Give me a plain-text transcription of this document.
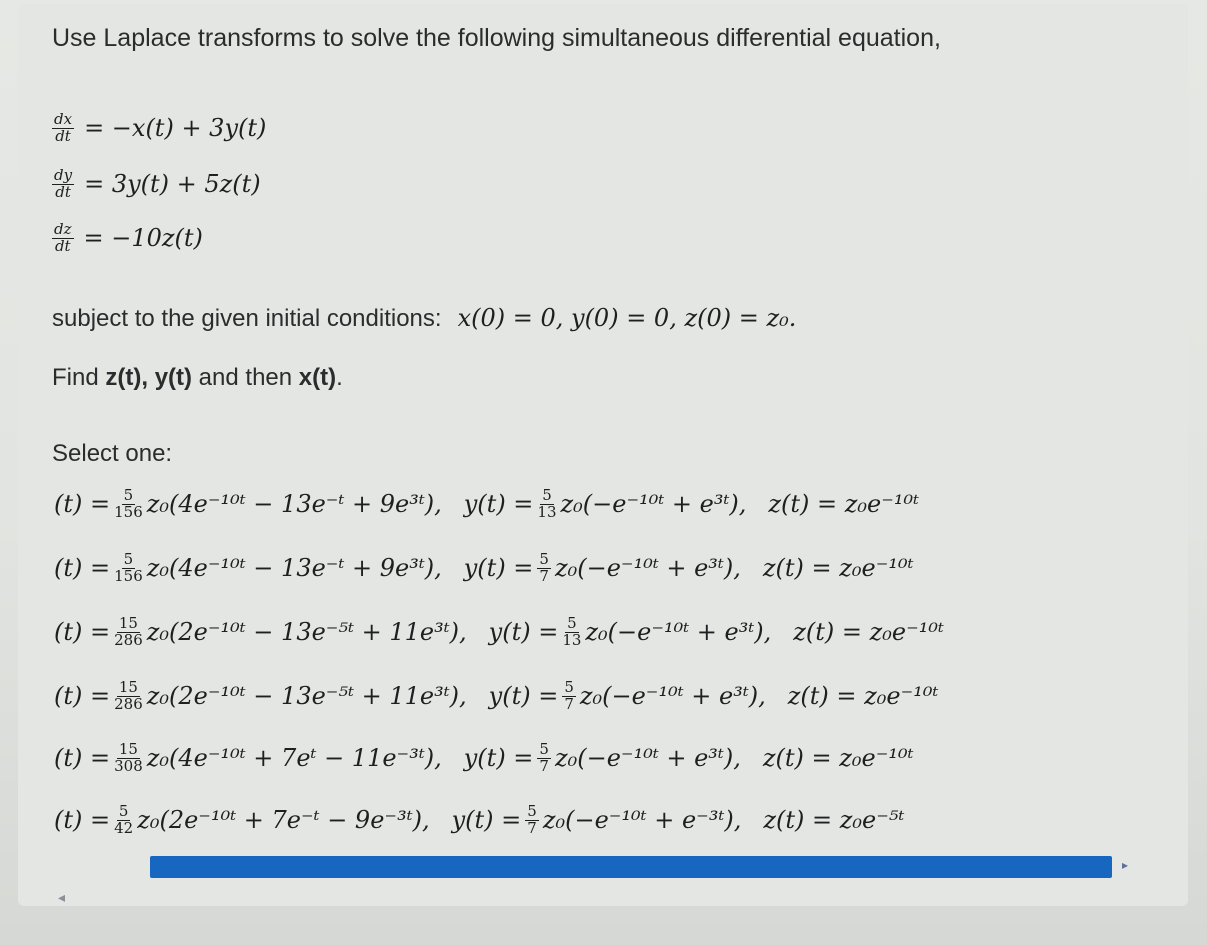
Use Laplace transforms to solve the following simultaneous differential equation,
$\frac{dx}{dt} = -x(t) + 3y(t)$
$\frac{dy}{dt} = 3y(t) + 5z(t)$
$\frac{dz}{dt} = -10z(t)$
subject to the given initial conditions: x(0) = 0, y(0) = 0, z(0) = z₀.
Find z(t), y(t) and then x(t).
Select one:
$(t) = \frac{5}{156}$ z₀(4e⁻¹⁰ᵗ − 13e⁻ᵗ + 9e³ᵗ), $y(t) = \frac{5}{13}$ z₀(−e⁻¹⁰ᵗ + e³ᵗ), z(t) = z₀e⁻¹⁰ᵗ
$(t) = \frac{5}{156}$ z₀(4e⁻¹⁰ᵗ − 13e⁻ᵗ + 9e³ᵗ), $y(t) = \frac{5}{7}$ z₀(−e⁻¹⁰ᵗ + e³ᵗ), z(t) = z₀e⁻¹⁰ᵗ
$(t) = \frac{15}{286}$ z₀(2e⁻¹⁰ᵗ − 13e⁻⁵ᵗ + 11e³ᵗ), $y(t) = \frac{5}{13}$ z₀(−e⁻¹⁰ᵗ + e³ᵗ), z(t) = z₀e⁻¹⁰ᵗ
$(t) = \frac{15}{286}$ z₀(2e⁻¹⁰ᵗ − 13e⁻⁵ᵗ + 11e³ᵗ), $y(t) = \frac{5}{7}$ z₀(−e⁻¹⁰ᵗ + e³ᵗ), z(t) = z₀e⁻¹⁰ᵗ
$(t) = \frac{15}{308}$ z₀(4e⁻¹⁰ᵗ + 7eᵗ − 11e⁻³ᵗ), $y(t) = \frac{5}{7}$ z₀(−e⁻¹⁰ᵗ + e³ᵗ), z(t) = z₀e⁻¹⁰ᵗ
$(t) = \frac{5}{42}$ z₀(2e⁻¹⁰ᵗ + 7e⁻ᵗ − 9e⁻³ᵗ), $y(t) = \frac{5}{7}$ z₀(−e⁻¹⁰ᵗ + e⁻³ᵗ), z(t) = z₀e⁻⁵ᵗ
◂
▸
